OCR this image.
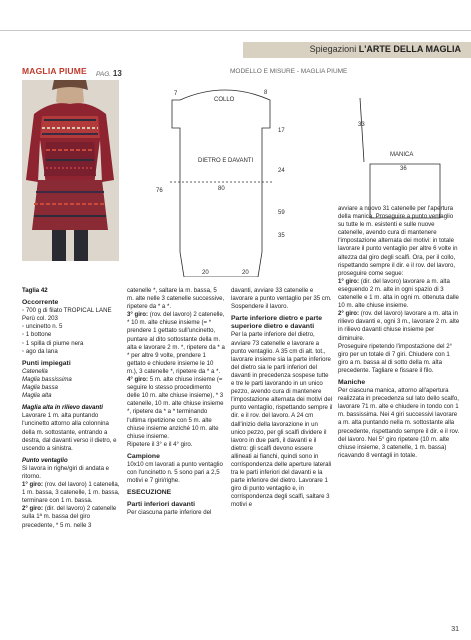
Spiegazioni L'ARTE DELLA MAGLIA
MAGLIA PIUME PAG. 13	MODELLO E MISURE - MAGLIA PIUME
COLLO
DIETRO E DAVANTI
MANICA
7	8
17
33
24	36
76	80
59
35
20	20

Taglia 42

Occorrente

◦ 700 g di filato TROPICAL LANE Perù col. 203

◦ uncinetto n. 5

◦ 1 bottone

◦ 1 spilla di piume nera

◦ ago da lana

Punti impiegati

Catenella

Maglia bassissima

Maglia bassa

Maglia alta

Maglia alta in rilievo davanti

Lavorare 1 m. alta puntando l'uncinetto attorno alla colonnina della m. sottostante, entrando a destra, dal davanti verso il dietro, e uscendo a sinistra.

Punto ventaglio

Si lavora in righe/giri di andata e ritorno.

1° giro: (rov. del lavoro) 1 catenella, 1 m. bassa, 3 catenelle, 1 m. bassa, terminare con 1 m. bassa.

2° giro: (dir. del lavoro) 2 catenelle sulla 1ª m. bassa del giro precedente, * 5 m. nelle 3

catenelle *, saltare la m. bassa, 5 m. alte nelle 3 catenelle successive, ripetere da * a *.

3° giro: (rov. del lavoro) 2 catenelle, * 10 m. alte chiuse insieme (= * prendere 1 gettato sull'uncinetto, puntare al dito sottostante della m. alta e lavorare 2 m. *, ripetere da * a * per altre 9 volte, prendere 1 gettato e chiudere insieme le 10 m.), 3 catenelle *, ripetere da * a *.

4° giro: 5 m. alte chiuse insieme (= seguire lo stesso procedimento delle 10 m. alte chiuse insieme), * 3 catenelle, 10 m. alte chiuse insieme *, ripetere da * a * terminando l'ultima ripetizione con 5 m. alte chiuse insieme anziché 10 m. alte chiuse insieme.

Ripetere il 3° e il 4° giro.

Campione

10x10 cm lavorati a punto ventaglio con l'uncinetto n. 5 sono pari a 2,5 motivi e 7 giri/righe.

ESECUZIONE

Parti inferiori davanti

Per ciascuna parte inferiore del

davanti, avviare 33 catenelle e lavorare a punto ventaglio per 35 cm. Sospendere il lavoro.

Parte inferiore dietro e parte superiore dietro e davanti

Per la parte inferiore del dietro, avviare 73 catenelle e lavorare a punto ventaglio. A 35 cm di alt. tot., lavorare insieme sia la parte inferiore del dietro sia le parti inferiori del davanti in precedenza sospese tutte e tre le parti lavorando in un unico pezzo, avendo cura di mantenere l'impostazione alternata dei motivi del punto ventaglio, rispettando sempre il dir. e il rov. del lavoro. A 24 cm dall'inizio della lavorazione in un unico pezzo, per gli scalfi dividere il lavoro in due parti, il davanti e il dietro: gli scalfi devono essere allineati ai fianchi, quindi sono in corrispondenza delle aperture laterali tra le parti inferiori del davanti e la parte inferiore del dietro. Lavorare 1 giro di punto ventaglio e, in corrispondenza degli scalfi, saltare 3 motivi e

avviare a nuovo 31 catenelle per l'apertura della manica. Proseguire a punto ventaglio su tutte le m. esistenti e sulle nuove catenelle, avendo cura di mantenere l'impostazione alternata dei motivi: in totale lavorare il punto ventaglio per altre 6 volte in altezza dal giro degli scalfi. Ora, per il collo, rispettando sempre il dir. e il rov. del lavoro, proseguire come segue:

1° giro: (dir. del lavoro) lavorare a m. alta eseguendo 2 m. alte in ogni spazio di 3 catenelle e 1 m. alta in ogni m. ottenuta dalle 10 m. alte chiuse insieme.

2° giro: (rov. del lavoro) lavorare a m. alta in rilievo davanti e, ogni 3 m., lavorare 2 m. alte in rilievo davanti chiuse insieme per diminuire.

Proseguire ripetendo l'impostazione del 2° giro per un totale di 7 giri. Chiudere con 1 giro a m. bassa al di sotto della m. alta precedente. Tagliare e fissare il filo.

Maniche

Per ciascuna manica, attorno all'apertura realizzata in precedenza sul lato dello scalfo, lavorare 71 m. alte e chiudere in tondo con 1 m. bassissima. Nei 4 giri successivi lavorare a m. alta puntando nella m. sottostante alla precedente, rispettando sempre il dir. e il rov. del lavoro. Nel 5° giro ripetere (10 m. alte chiuse insieme, 3 catenelle, 1 m. bassa) ricavando 8 ventagli in totale.

31
